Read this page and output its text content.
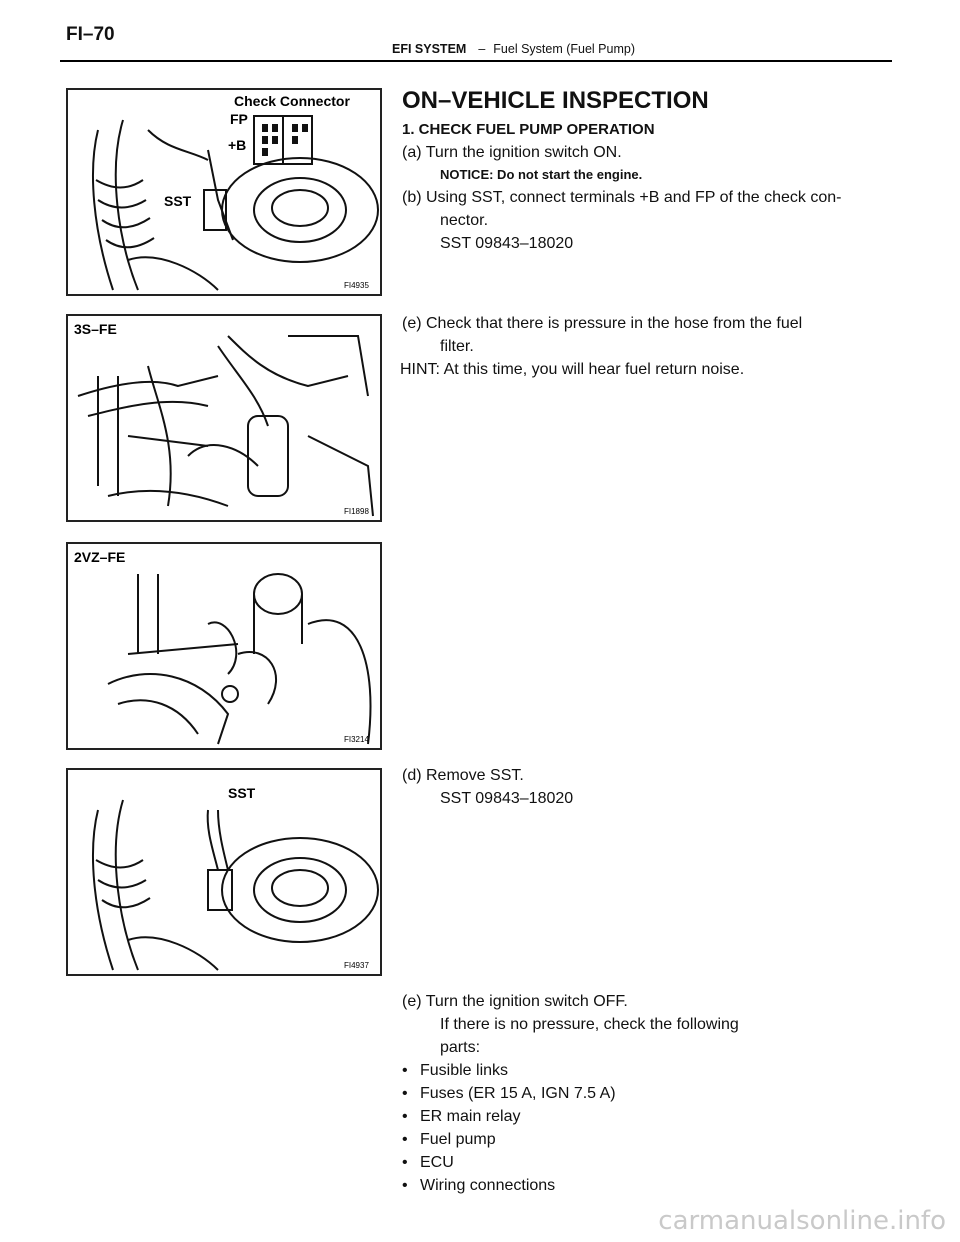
FI–70
EFI SYSTEM – Fuel System (Fuel Pump)
Check Connector
FP
+B
SST
FI4935
3S–FE
FI1898
2VZ–FE
FI3214
SST
FI4937

ON–VEHICLE INSPECTION

1. CHECK FUEL PUMP OPERATION

(a) Turn the ignition switch ON.

NOTICE: Do not start the engine.

(b) Using SST, connect terminals +B and FP of the check con-

nector.

SST 09843–18020

(e) Check that there is pressure in the hose from the fuel

filter.

HINT: At this time, you will hear fuel return noise.

(d) Remove SST.

SST 09843–18020

(e) Turn the ignition switch OFF.

If there is no pressure, check the following

parts:

• Fusible links
• Fuses (ER 15 A, IGN 7.5 A)
• ER main relay
• Fuel pump
• ECU
• Wiring connections
carmanualsonline.info
